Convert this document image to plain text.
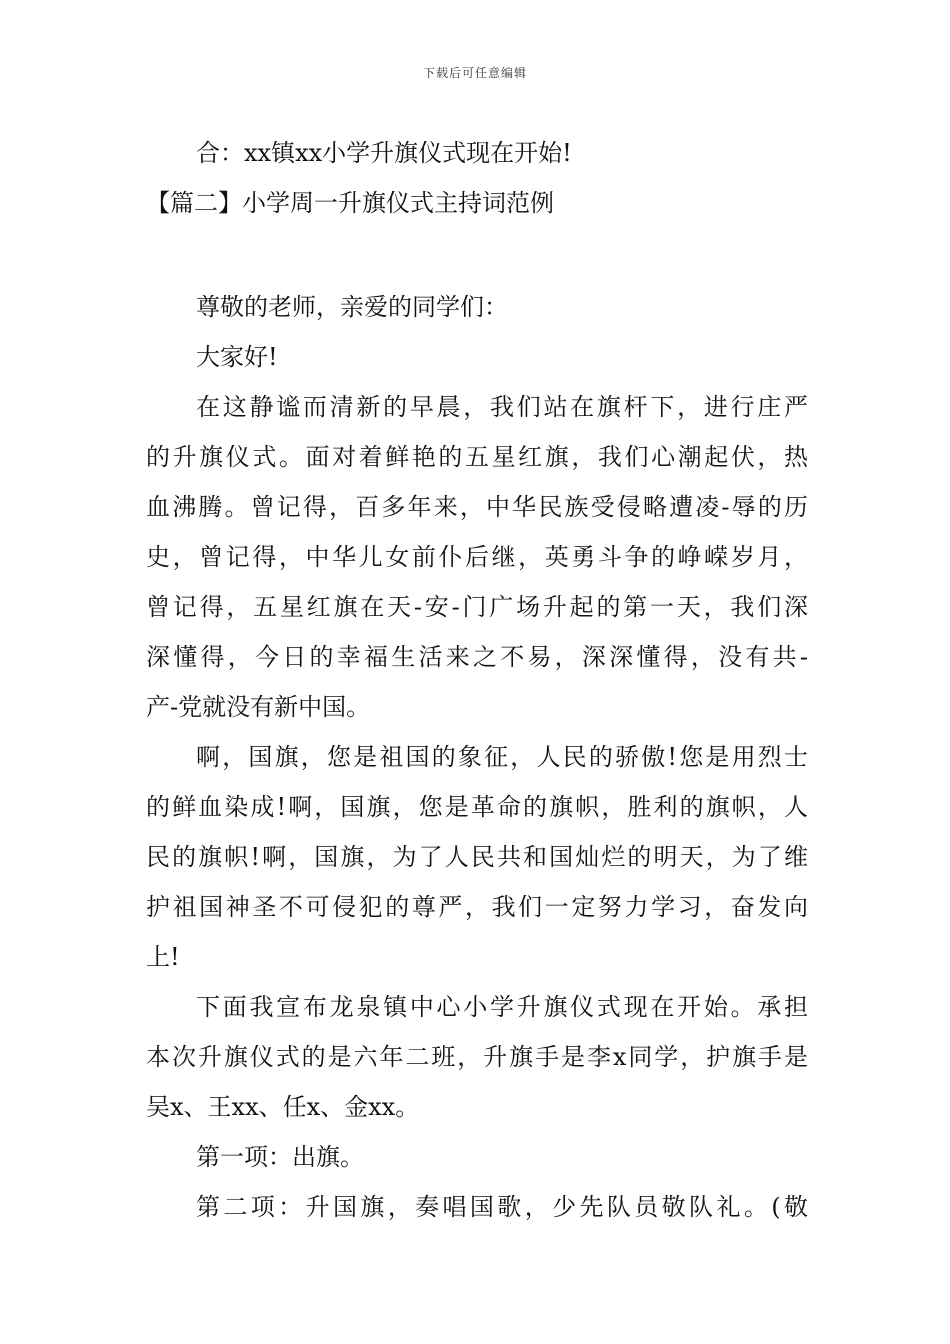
下载后可任意编辑
合：xx镇xx小学升旗仪式现在开始!
【篇二】小学周一升旗仪式主持词范例
尊敬的老师，亲爱的同学们：
大家好!
在这静谧而清新的早晨，我们站在旗杆下，进行庄严
的升旗仪式。面对着鲜艳的五星红旗，我们心潮起伏，热
血沸腾。曾记得，百多年来，中华民族受侵略遭凌-辱的历
史，曾记得，中华儿女前仆后继，英勇斗争的峥嵘岁月，
曾记得，五星红旗在天-安-门广场升起的第一天，我们深
深懂得，今日的幸福生活来之不易，深深懂得，没有共-
产-党就没有新中国。
啊，国旗，您是祖国的象征，人民的骄傲!您是用烈士
的鲜血染成!啊，国旗，您是革命的旗帜，胜利的旗帜，人
民的旗帜!啊，国旗，为了人民共和国灿烂的明天，为了维
护祖国神圣不可侵犯的尊严，我们一定努力学习，奋发向
上!
下面我宣布龙泉镇中心小学升旗仪式现在开始。承担
本次升旗仪式的是六年二班，升旗手是李x同学，护旗手是
吴x、王xx、任x、金xx。
第一项：出旗。
第二项：升国旗，奏唱国歌，少先队员敬队礼。(敬
